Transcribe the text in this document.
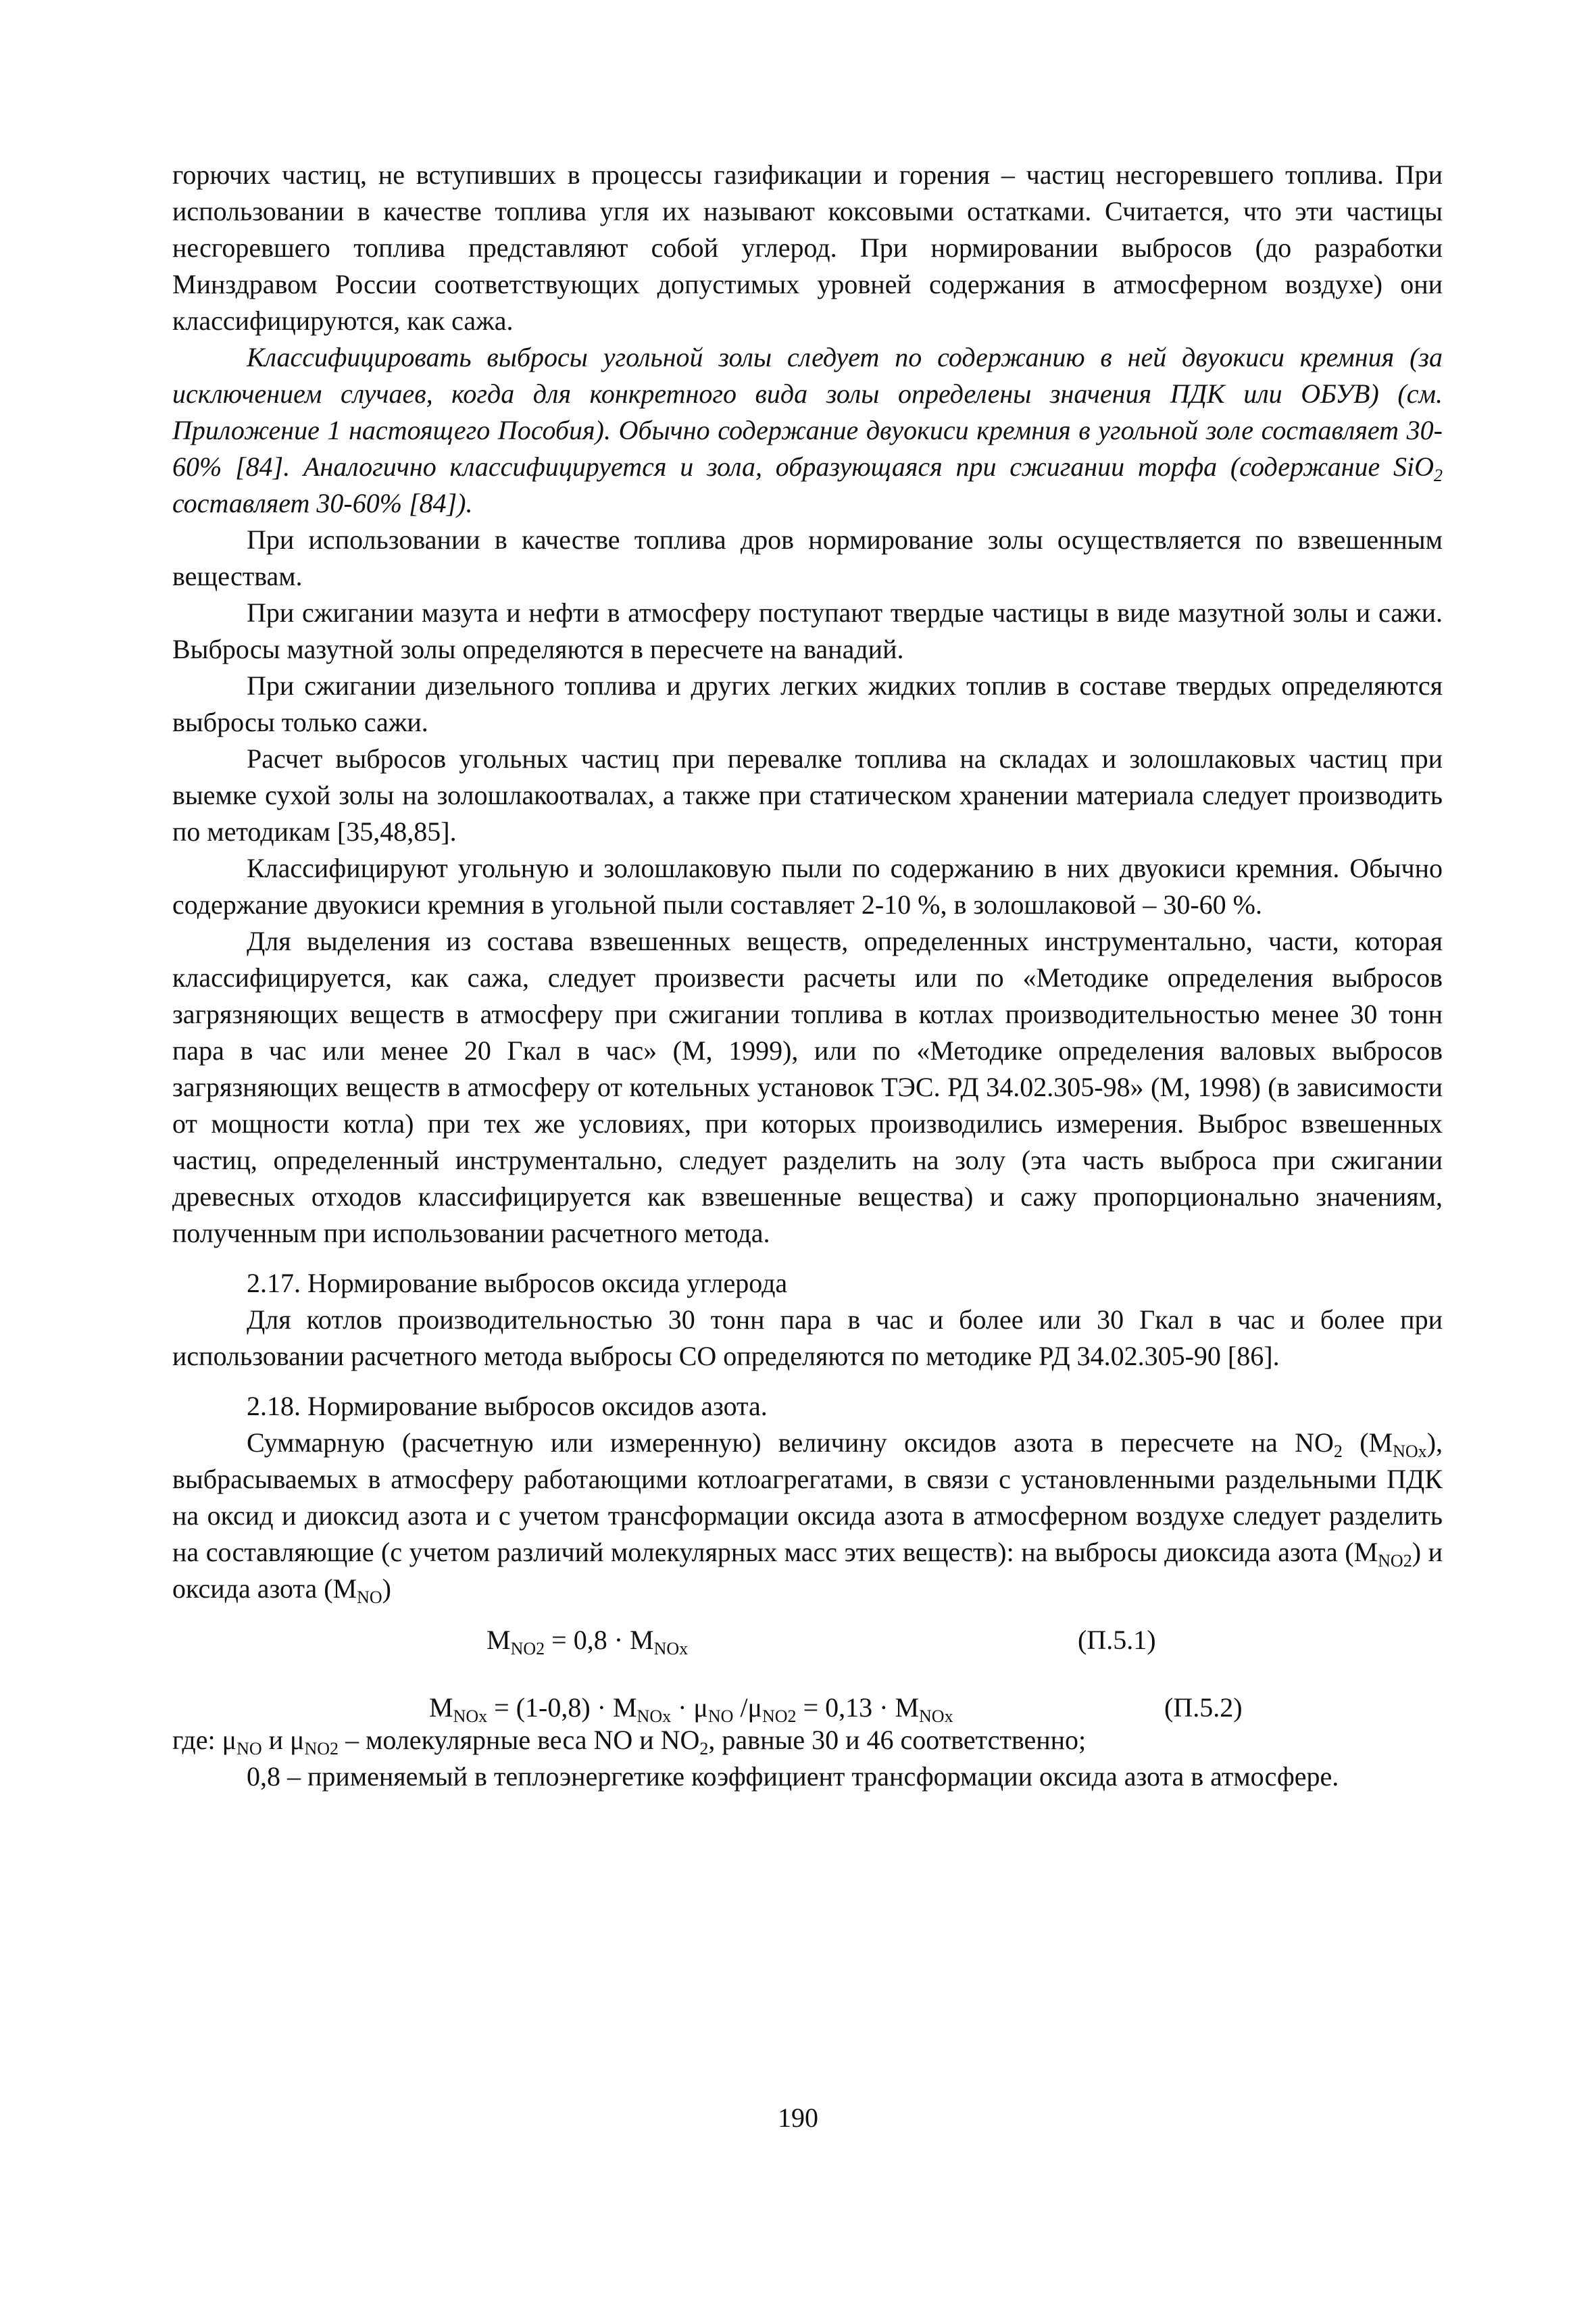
горючих частиц, не вступивших в процессы газификации и горения – частиц несгоревшего топлива. При использовании в качестве топлива угля их называют коксовыми остатками. Считается, что эти частицы несгоревшего топлива представляют собой углерод. При нормировании выбросов (до разработки Минздравом России соответствующих допустимых уровней содержания в атмосферном воздухе) они классифицируются, как сажа.

Классифицировать выбросы угольной золы следует по содержанию в ней двуокиси кремния (за исключением случаев, когда для конкретного вида золы определены значения ПДК или ОБУВ) (см. Приложение 1 настоящего Пособия). Обычно содержание двуокиси кремния в угольной золе составляет 30-60% [84]. Аналогично классифицируется и зола, образующаяся при сжигании торфа (содержание SiO$_2$ составляет 30-60% [84]).

При использовании в качестве топлива дров нормирование золы осуществляется по взвешенным веществам.

При сжигании мазута и нефти в атмосферу поступают твердые частицы в виде мазутной золы и сажи. Выбросы мазутной золы определяются в пересчете на ванадий.

При сжигании дизельного топлива и других легких жидких топлив в составе твердых определяются выбросы только сажи.

Расчет выбросов угольных частиц при перевалке топлива на складах и золошлаковых частиц при выемке сухой золы на золошлакоотвалах, а также при статическом хранении материала следует производить по методикам [35,48,85].

Классифицируют угольную и золошлаковую пыли по содержанию в них двуокиси кремния. Обычно содержание двуокиси кремния в угольной пыли составляет 2-10 %, в золошлаковой – 30-60 %.

Для выделения из состава взвешенных веществ, определенных инструментально, части, которая классифицируется, как сажа, следует произвести расчеты или по «Методике определения выбросов загрязняющих веществ в атмосферу при сжигании топлива в котлах производительностью менее 30 тонн пара в час или менее 20 Гкал в час» (М, 1999), или по «Методике определения валовых выбросов загрязняющих веществ в атмосферу от котельных установок ТЭС. РД 34.02.305-98» (М, 1998) (в зависимости от мощности котла) при тех же условиях, при которых производились измерения. Выброс взвешенных частиц, определенный инструментально, следует разделить на золу (эта часть выброса при сжигании древесных отходов классифицируется как взвешенные вещества) и сажу пропорционально значениям, полученным при использовании расчетного метода.

2.17. Нормирование выбросов оксида углерода

Для котлов производительностью 30 тонн пара в час и более или 30 Гкал в час и более при использовании расчетного метода выбросы СО определяются по методике РД 34.02.305-90 [86].

2.18. Нормирование выбросов оксидов азота.

Суммарную (расчетную или измеренную) величину оксидов азота в пересчете на $NO_2$ $(M_{NOx})$, выбрасываемых в атмосферу работающими котлоагрегатами, в связи с установленными раздельными ПДК на оксид и диоксид азота и с учетом трансформации оксида азота в атмосферном воздухе следует разделить на составляющие (с учетом различий молекулярных масс этих веществ): на выбросы диоксида азота $(M_{NO2})$ и оксида азота $(M_{NO})$

$M_{NO2} = 0,8 \cdot M_{NOx}$	(П.5.1)
$M_{NOx} = (1-0,8) \cdot M_{NOx} \cdot \mu_{NO}$ $/\mu_{NO2} = 0,13 \cdot M_{NOx}$	(П.5.2)

где: $\mu_{NO}$ и $\mu_{NO2}$ – молекулярные веса NO и $NO_2$, равные 30 и 46 соответственно;

0,8 – применяемый в теплоэнергетике коэффициент трансформации оксида азота в атмосфере.

190
